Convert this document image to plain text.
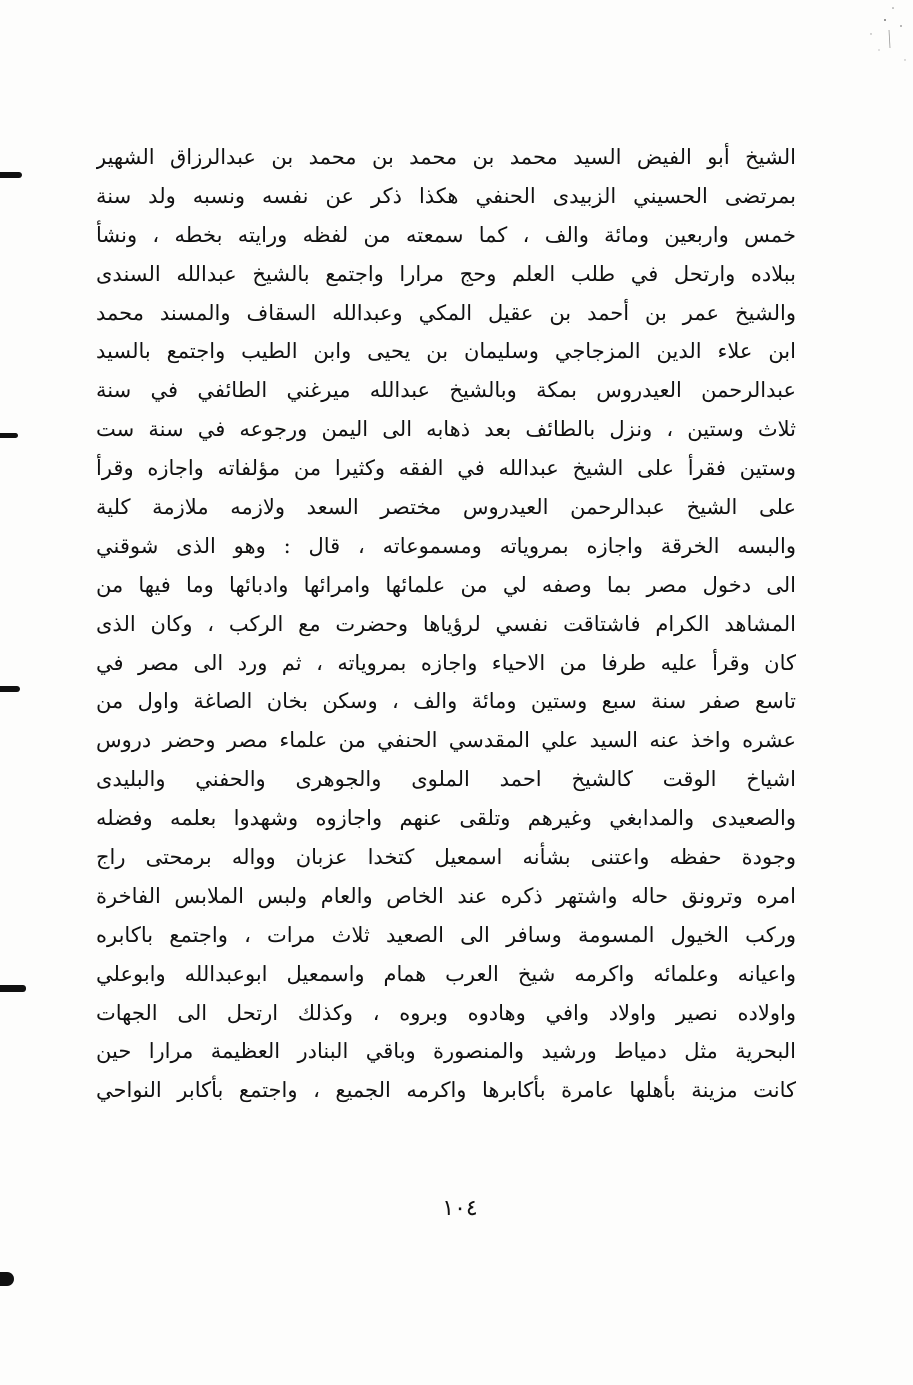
الشيخ أبو الفيض السيد محمد بن محمد بن محمد بن عبدالرزاق الشهير
بمرتضى الحسيني الزبيدى الحنفي هكذا ذكر عن نفسه ونسبه ولد سنة
خمس واربعين ومائة والف ، كما سمعته من لفظه ورايته بخطه ، ونشأ
ببلاده وارتحل في طلب العلم وحج مرارا واجتمع بالشيخ عبدالله السندى
والشيخ عمر بن أحمد بن عقيل المكي وعبدالله السقاف والمسند محمد
ابن علاء الدين المزجاجي وسليمان بن يحيى وابن الطيب واجتمع بالسيد
عبدالرحمن العيدروس بمكة وبالشيخ عبدالله ميرغني الطائفي في سنة
ثلاث وستين ، ونزل بالطائف بعد ذهابه الى اليمن ورجوعه في سنة ست
وستين فقرأ على الشيخ عبدالله في الفقه وكثيرا من مؤلفاته واجازه وقرأ
على الشيخ عبدالرحمن العيدروس مختصر السعد ولازمه ملازمة كلية
والبسه الخرقة واجازه بمروياته ومسموعاته ، قال : وهو الذى شوقني
الى دخول مصر بما وصفه لي من علمائها وامرائها وادبائها وما فيها من
المشاهد الكرام فاشتاقت نفسي لرؤياها وحضرت مع الركب ، وكان الذى
كان وقرأ عليه طرفا من الاحياء واجازه بمروياته ، ثم ورد الى مصر في
تاسع صفر سنة سبع وستين ومائة والف ، وسكن بخان الصاغة واول من
عشره واخذ عنه السيد علي المقدسي الحنفي من علماء مصر وحضر دروس
اشياخ الوقت كالشيخ احمد الملوى والجوهرى والحفني والبليدى
والصعيدى والمدابغي وغيرهم وتلقى عنهم واجازوه وشهدوا بعلمه وفضله
وجودة حفظه واعتنى بشأنه اسمعيل كتخدا عزبان وواله برمحتى راج
امره وترونق حاله واشتهر ذكره عند الخاص والعام ولبس الملابس الفاخرة
وركب الخيول المسومة وسافر الى الصعيد ثلاث مرات ، واجتمع باكابره
واعيانه وعلمائه واكرمه شيخ العرب همام واسمعيل ابوعبدالله وابوعلي
واولاده نصير واولاد وافي وهادوه وبروه ، وكذلك ارتحل الى الجهات
البحرية مثل دمياط ورشيد والمنصورة وباقي البنادر العظيمة مرارا حين
كانت مزينة بأهلها عامرة بأكابرها واكرمه الجميع ، واجتمع بأكابر النواحي
١٠٤
